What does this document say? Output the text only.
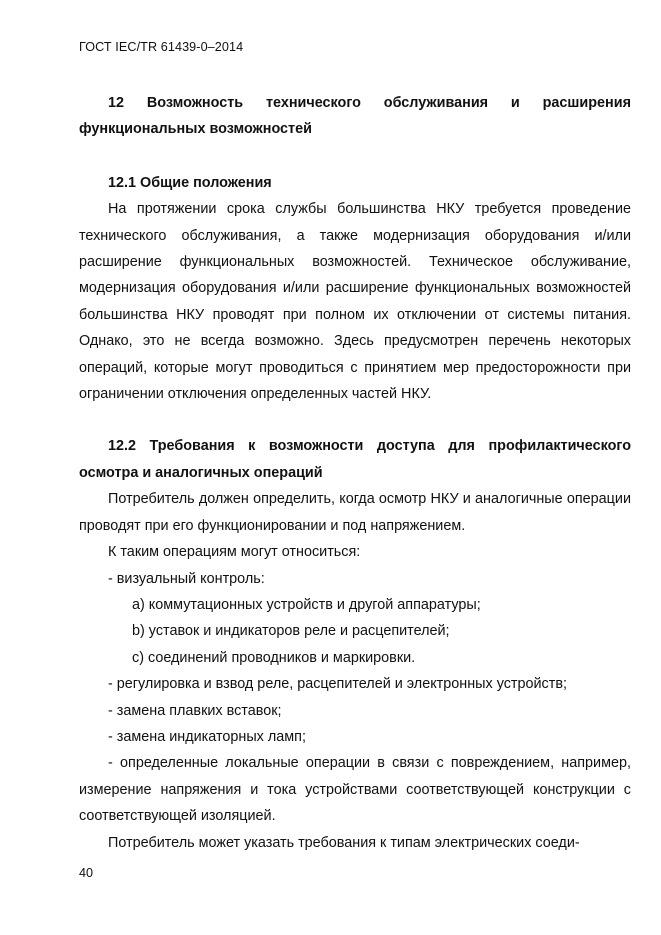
ГОСТ IEC/TR 61439-0–2014

12 Возможность технического обслуживания и расширения функциональных возможностей

12.1 Общие положения

На протяжении срока службы большинства НКУ требуется проведение технического обслуживания, а также модернизация оборудования и/или расширение функциональных возможностей. Техническое обслуживание, модернизация оборудования и/или расширение функциональных возможностей большинства НКУ проводят при полном их отключении от системы питания. Однако, это не всегда возможно. Здесь предусмотрен перечень некоторых операций, которые могут проводиться с принятием мер предосторожности при ограничении отключения определенных частей НКУ.

12.2 Требования к возможности доступа для профилактического осмотра и аналогичных операций

Потребитель должен определить, когда осмотр НКУ и аналогичные операции проводят при его функционировании и под напряжением.

К таким операциям могут относиться:

- визуальный контроль:

a) коммутационных устройств и другой аппаратуры;

b) уставок и индикаторов реле и расцепителей;

c) соединений проводников и маркировки.

- регулировка и взвод реле, расцепителей и электронных устройств;

- замена плавких вставок;

- замена индикаторных ламп;

- определенные локальные операции в связи с повреждением, например, измерение напряжения и тока устройствами соответствующей конструкции с соответствующей изоляцией.

Потребитель может указать требования к типам электрических соеди-

40
